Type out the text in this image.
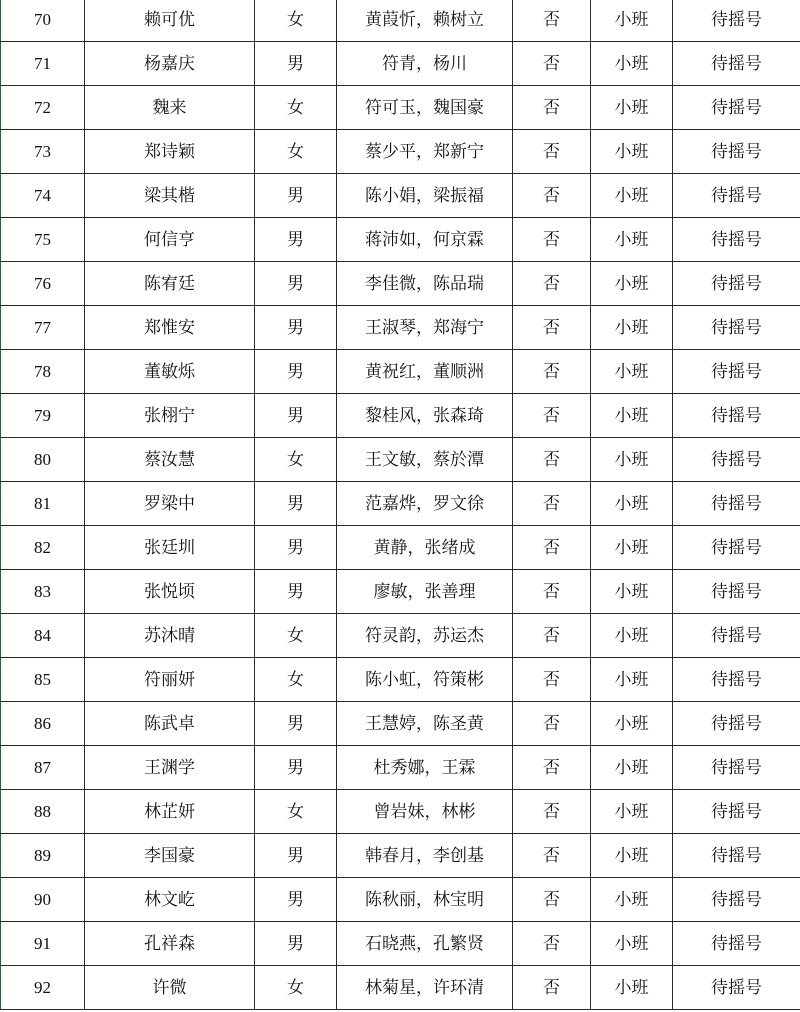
70	赖可优	女	黄葭忻，赖树立	否	小班	待摇号
71	杨嘉庆	男	符青，杨川	否	小班	待摇号
72	魏来	女	符可玉，魏国豪	否	小班	待摇号
73	郑诗颖	女	蔡少平，郑新宁	否	小班	待摇号
74	梁其楷	男	陈小娟，梁振福	否	小班	待摇号
75	何信亨	男	蒋沛如，何京霖	否	小班	待摇号
76	陈宥廷	男	李佳微，陈品瑞	否	小班	待摇号
77	郑惟安	男	王淑琴，郑海宁	否	小班	待摇号
78	董敏烁	男	黄祝红，董顺洲	否	小班	待摇号
79	张栩宁	男	黎桂风，张森琦	否	小班	待摇号
80	蔡汝慧	女	王文敏，蔡於潭	否	小班	待摇号
81	罗梁中	男	范嘉烨，罗文徐	否	小班	待摇号
82	张廷圳	男	黄静，张绪成	否	小班	待摇号
83	张悦顷	男	廖敏，张善理	否	小班	待摇号
84	苏沐晴	女	符灵韵，苏运杰	否	小班	待摇号
85	符丽妍	女	陈小虹，符策彬	否	小班	待摇号
86	陈武卓	男	王慧婷，陈圣黄	否	小班	待摇号
87	王渊学	男	杜秀娜，王霖	否	小班	待摇号
88	林芷妍	女	曾岩妹，林彬	否	小班	待摇号
89	李国豪	男	韩春月，李创基	否	小班	待摇号
90	林文屹	男	陈秋丽，林宝明	否	小班	待摇号
91	孔祥森	男	石晓燕，孔繁贤	否	小班	待摇号
92	许微	女	林菊星，许环清	否	小班	待摇号
